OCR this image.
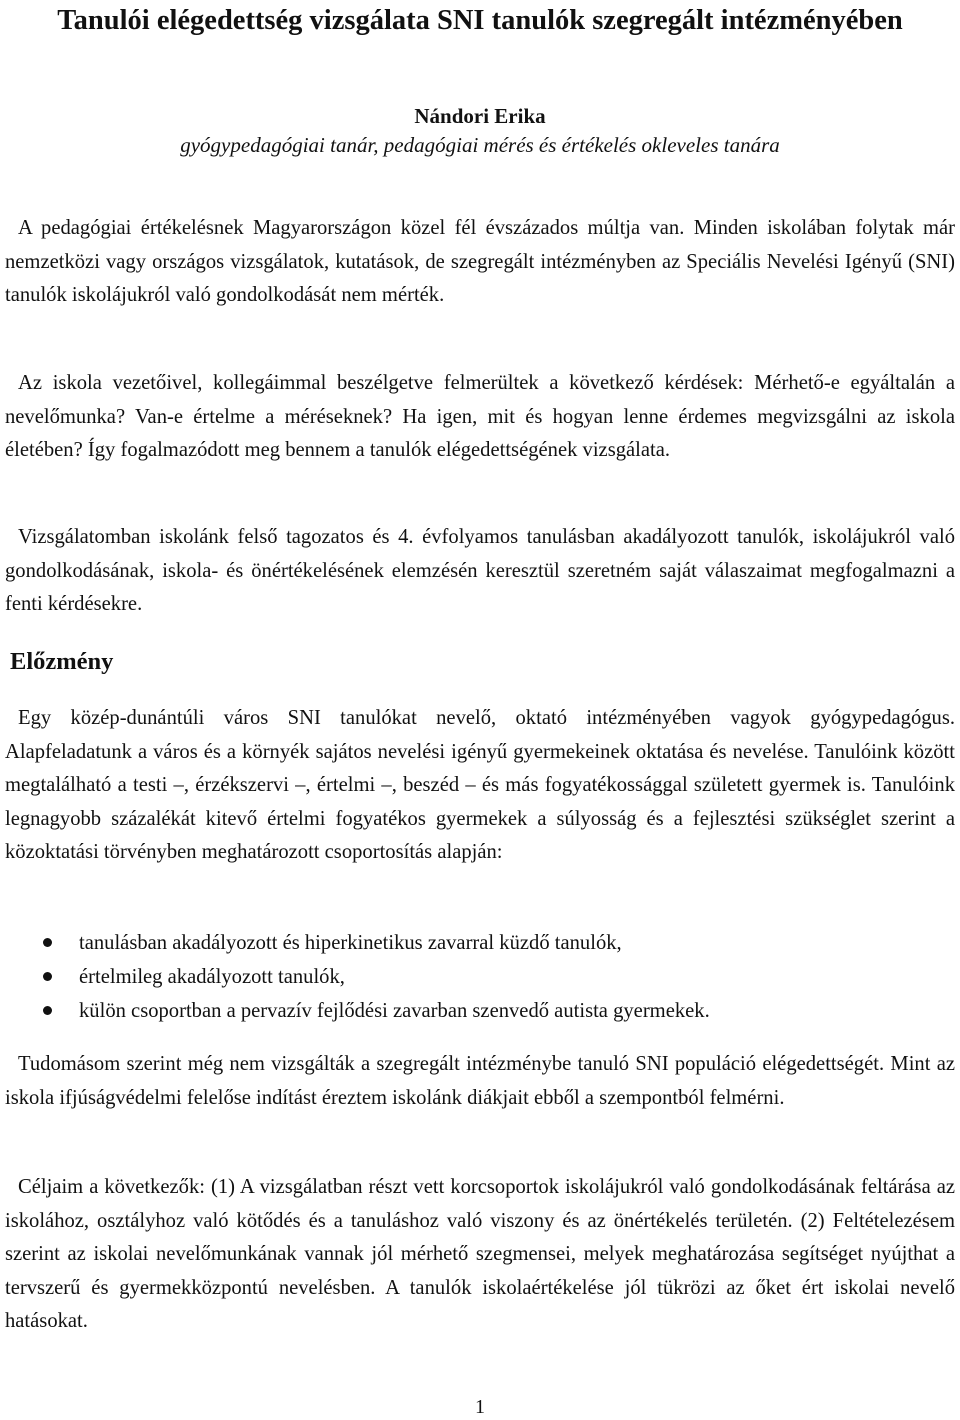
Tanulói elégedettség vizsgálata SNI tanulók szegregált intézményében
Nándori Erika
gyógypedagógiai tanár, pedagógiai mérés és értékelés okleveles tanára

A pedagógiai értékelésnek Magyarországon közel fél évszázados múltja van. Minden iskolában folytak már nemzetközi vagy országos vizsgálatok, kutatások, de szegregált intézményben az Speciális Nevelési Igényű (SNI) tanulók iskolájukról való gondolkodását nem mérték.

Az iskola vezetőivel, kollegáimmal beszélgetve felmerültek a következő kérdések: Mérhető-e egyáltalán a nevelőmunka? Van-e értelme a méréseknek? Ha igen, mit és hogyan lenne érdemes megvizsgálni az iskola életében? Így fogalmazódott meg bennem a tanulók elégedettségének vizsgálata.

Vizsgálatomban iskolánk felső tagozatos és 4. évfolyamos tanulásban akadályozott tanulók, iskolájukról való gondolkodásának, iskola- és önértékelésének elemzésén keresztül szeretném saját válaszaimat megfogalmazni a fenti kérdésekre.

Előzmény

Egy közép-dunántúli város SNI tanulókat nevelő, oktató intézményében vagyok gyógypedagógus. Alapfeladatunk a város és a környék sajátos nevelési igényű gyermekeinek oktatása és nevelése. Tanulóink között megtalálható a testi –, érzékszervi –, értelmi –, beszéd – és más fogyatékossággal született gyermek is. Tanulóink legnagyobb százalékát kitevő értelmi fogyatékos gyermekek a súlyosság és a fejlesztési szükséglet szerint a közoktatási törvényben meghatározott csoportosítás alapján:

tanulásban akadályozott és hiperkinetikus zavarral küzdő tanulók,
értelmileg akadályozott tanulók,
külön csoportban a pervazív fejlődési zavarban szenvedő autista gyermekek.

Tudomásom szerint még nem vizsgálták a szegregált intézménybe tanuló SNI populáció elégedettségét. Mint az iskola ifjúságvédelmi felelőse indítást éreztem iskolánk diákjait ebből a szempontból felmérni.

Céljaim a következők: (1) A vizsgálatban részt vett korcsoportok iskolájukról való gondolkodásának feltárása az iskolához, osztályhoz való kötődés és a tanuláshoz való viszony és az önértékelés területén. (2) Feltételezésem szerint az iskolai nevelőmunkának vannak jól mérhető szegmensei, melyek meghatározása segítséget nyújthat a tervszerű és gyermekközpontú nevelésben. A tanulók iskolaértékelése jól tükrözi az őket ért iskolai nevelő hatásokat.

1
